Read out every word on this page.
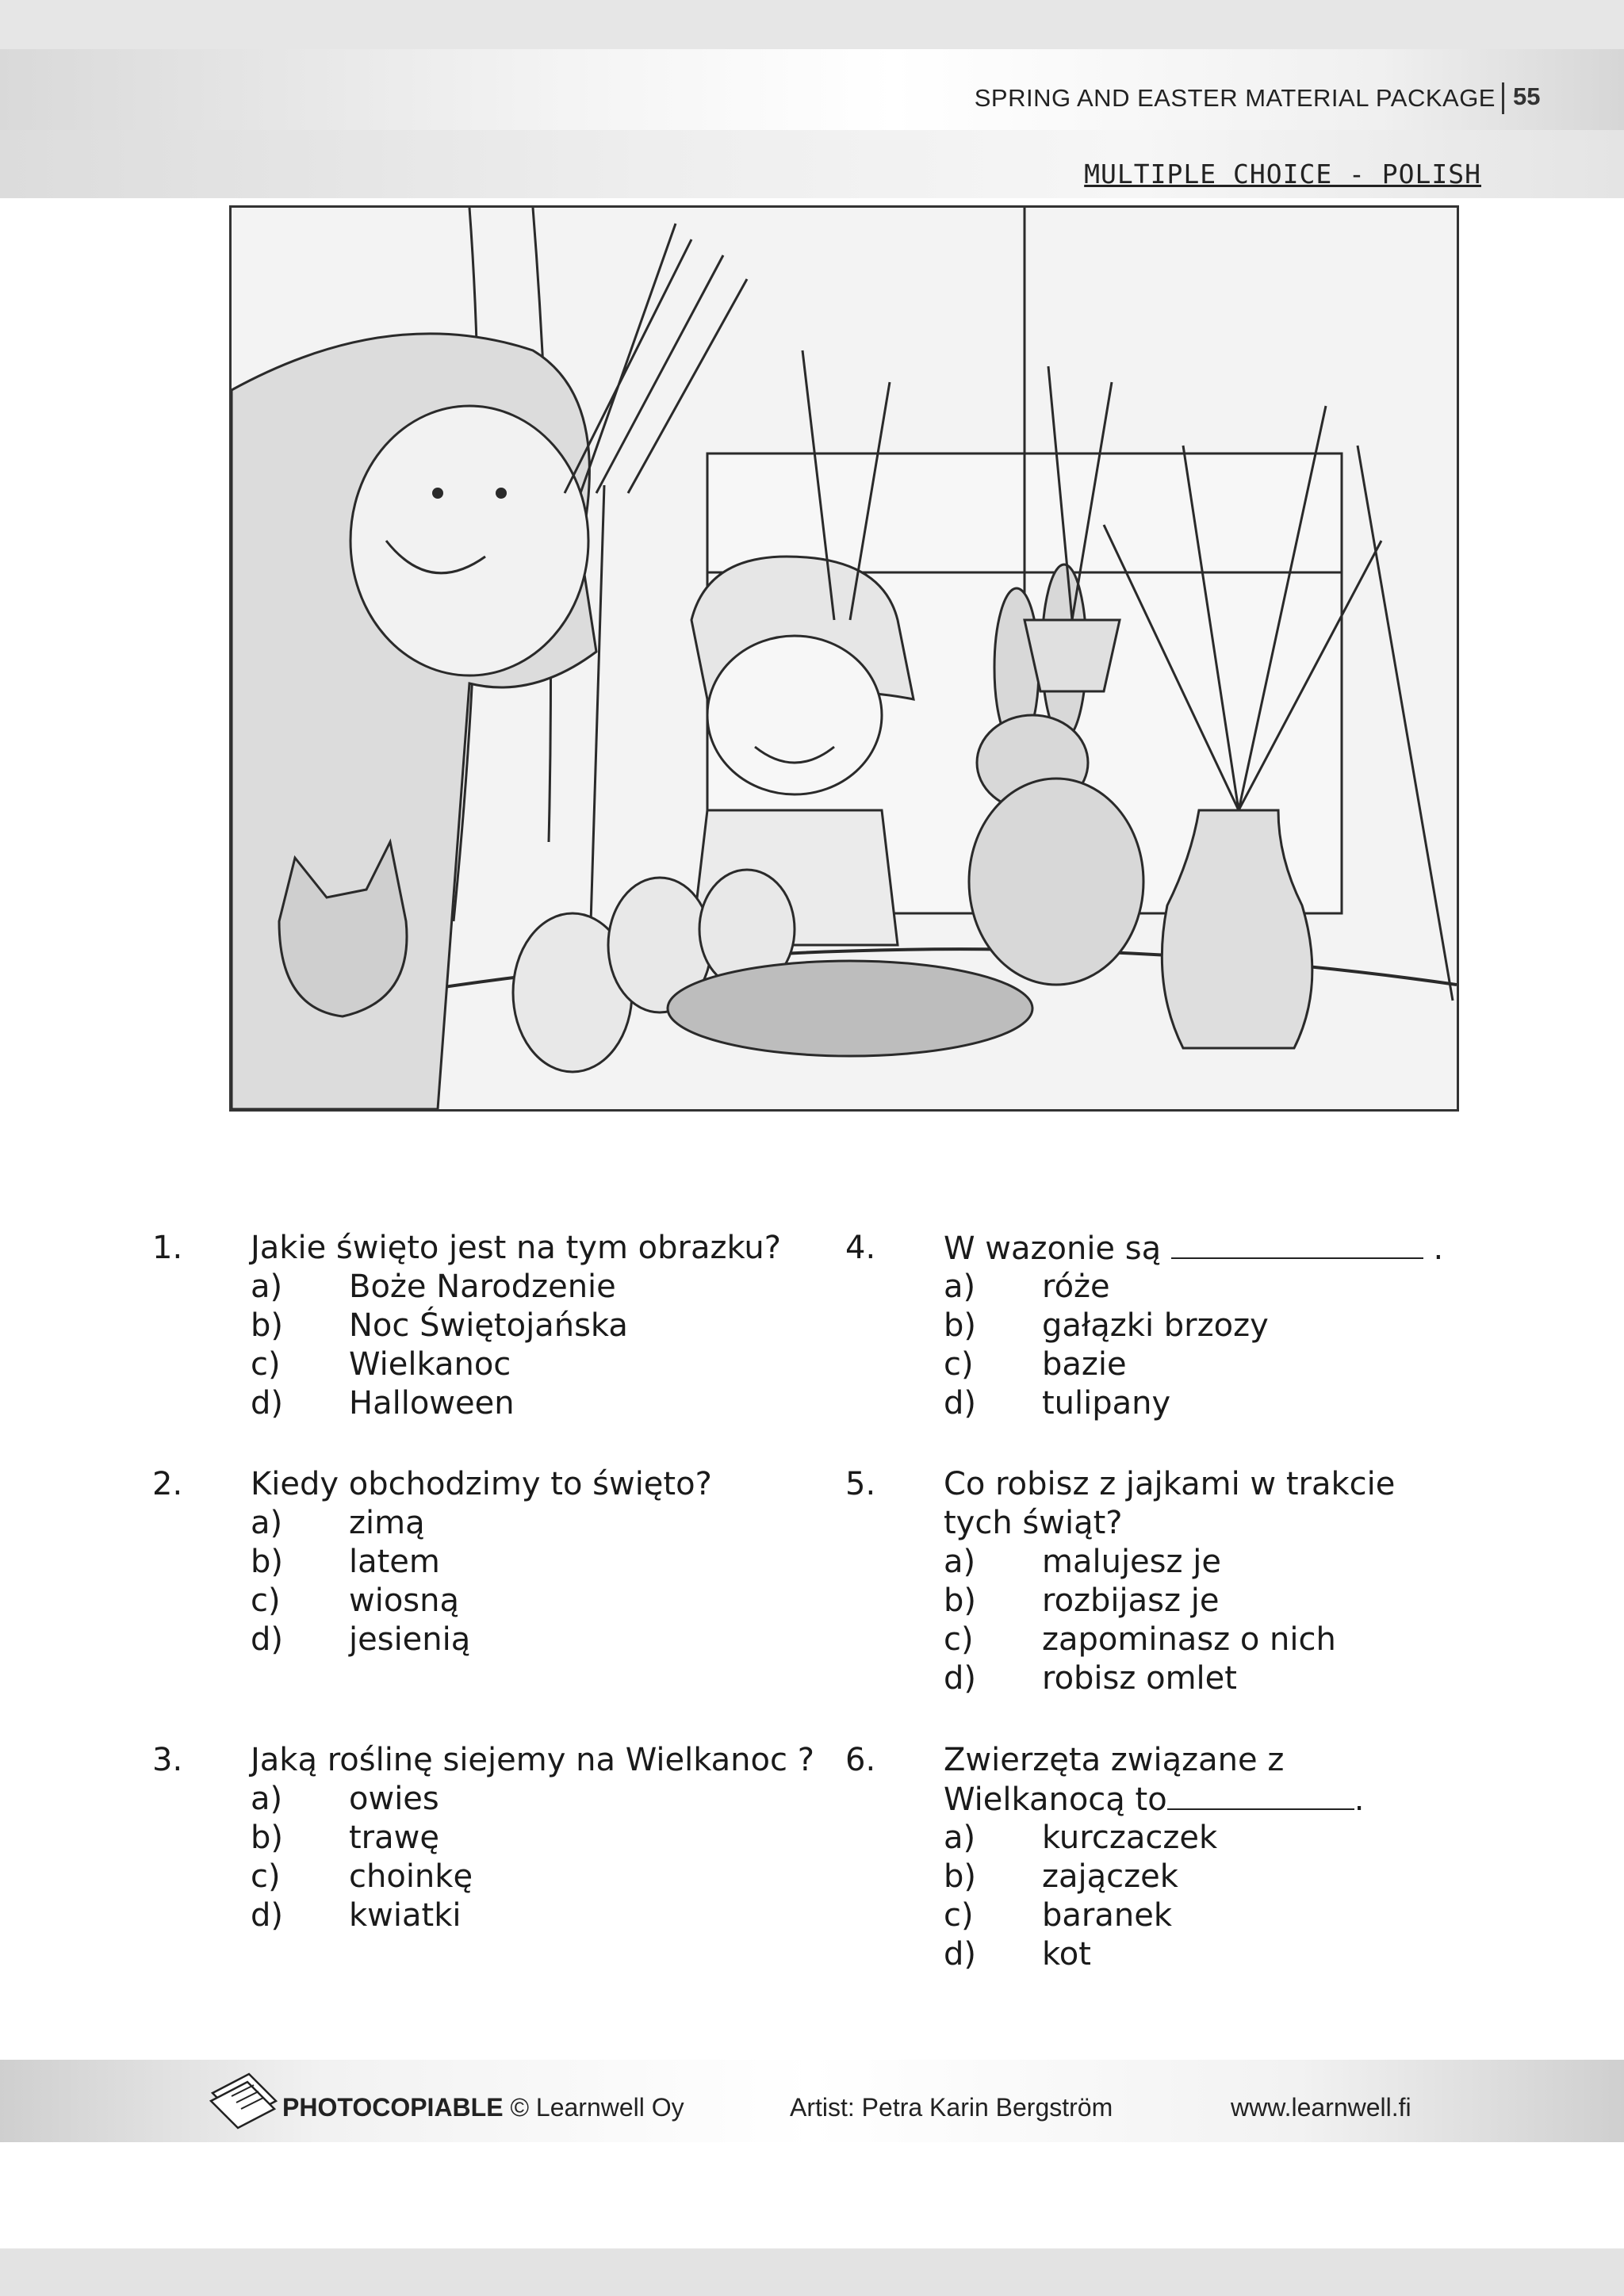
SPRING AND EASTER MATERIAL PACKAGE 55
MULTIPLE CHOICE - POLISH
1. Jakie święto jest na tym obrazku?
a) Boże Narodzenie
b) Noc Świętojańska
c) Wielkanoc
d) Halloween
2. Kiedy obchodzimy to święto?
a) zimą
b) latem
c) wiosną
d) jesienią
3. Jaką roślinę siejemy na Wielkanoc ?
a) owies
b) trawę
c) choinkę
d) kwiatki
4. W wazonie są	.
a) róże
b) gałązki brzozy
c) bazie
d) tulipany
5. Co robisz z jajkami w trakcie
tych świąt?
a) malujesz je
b) rozbijasz je
c) zapominasz o nich
d) robisz omlet
6. Zwierzęta związane z
Wielkanocą to	.
a) kurczaczek
b) zajączek
c) baranek
d) kot
PHOTOCOPIABLE © Learnwell Oy	Artist: Petra Karin Bergström	www.learnwell.fi
